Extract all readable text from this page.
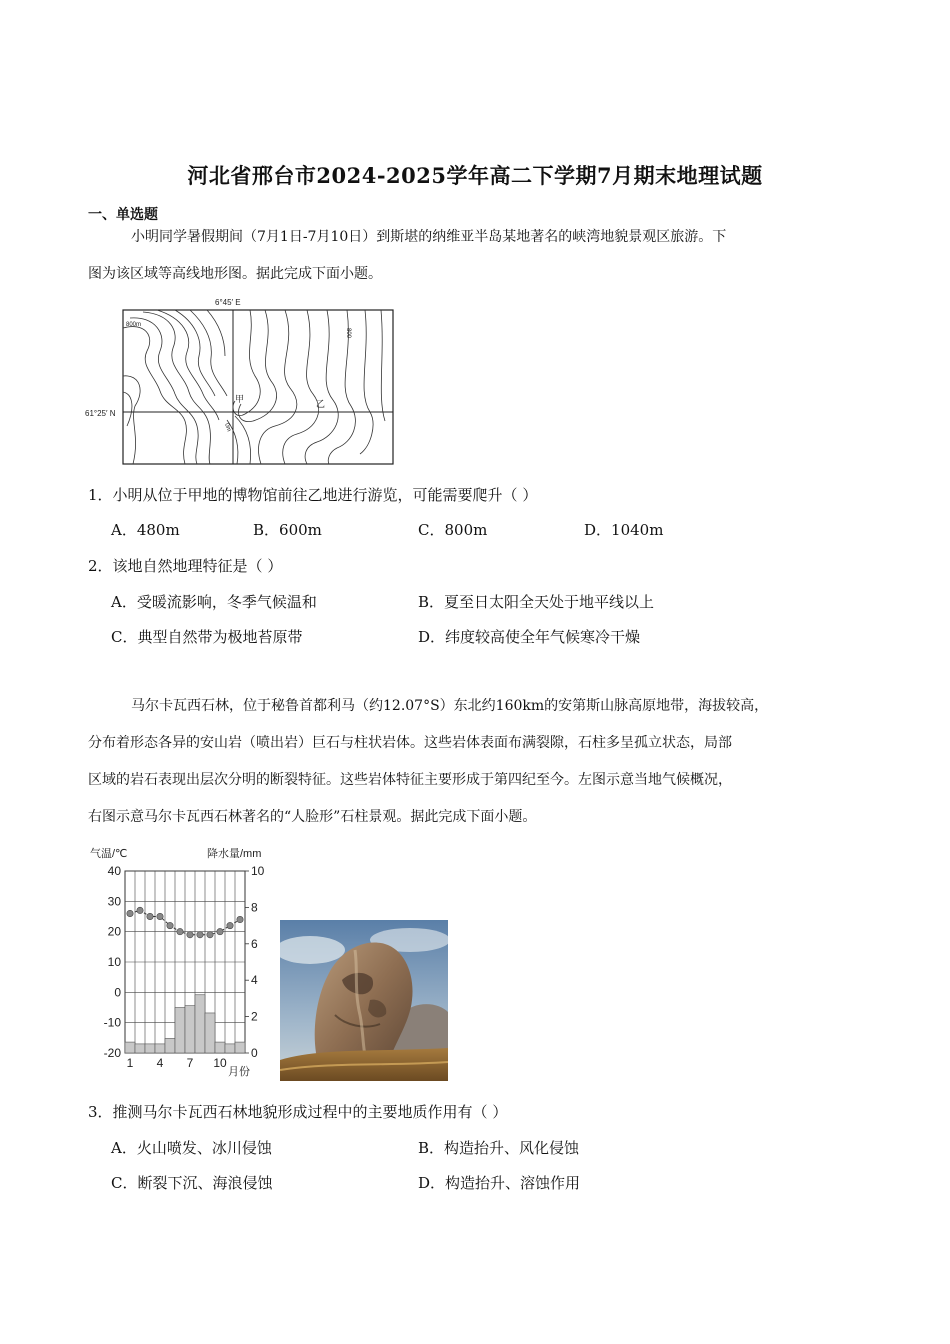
河北省邢台市2024-2025学年高二下学期7月期末地理试题
一、单选题
小明同学暑假期间（7月1日-7月10日）到斯堪的纳维亚半岛某地著名的峡湾地貌景观区旅游。下
图为该区域等高线地形图。据此完成下面小题。
6°45′ E
61°25′ N
800m
800
0m
甲	乙
1．小明从位于甲地的博物馆前往乙地进行游览，可能需要爬升（ ）
A．480m	B．600m	C．800m	D．1040m
2．该地自然地理特征是（ ）
A．受暖流影响，冬季气候温和	B．夏至日太阳全天处于地平线以上
C．典型自然带为极地苔原带	D．纬度较高使全年气候寒冷干燥
马尔卡瓦西石林，位于秘鲁首都利马（约12.07°S）东北约160km的安第斯山脉高原地带，海拔较高，
分布着形态各异的安山岩（喷出岩）巨石与柱状岩体。这些岩体表面布满裂隙，石柱多呈孤立状态，局部
区域的岩石表现出层次分明的断裂特征。这些岩体特征主要形成于第四纪至今。左图示意当地气候概况，
右图示意马尔卡瓦西石林著名的“人脸形”石柱景观。据此完成下面小题。
气温/℃	降水量/mm
月份
40
30
20
10
0
-10
-20
10
8
6
4
2
0
1 4 7 10
3．推测马尔卡瓦西石林地貌形成过程中的主要地质作用有（ ）
A．火山喷发、冰川侵蚀	B．构造抬升、风化侵蚀
C．断裂下沉、海浪侵蚀	D．构造抬升、溶蚀作用
